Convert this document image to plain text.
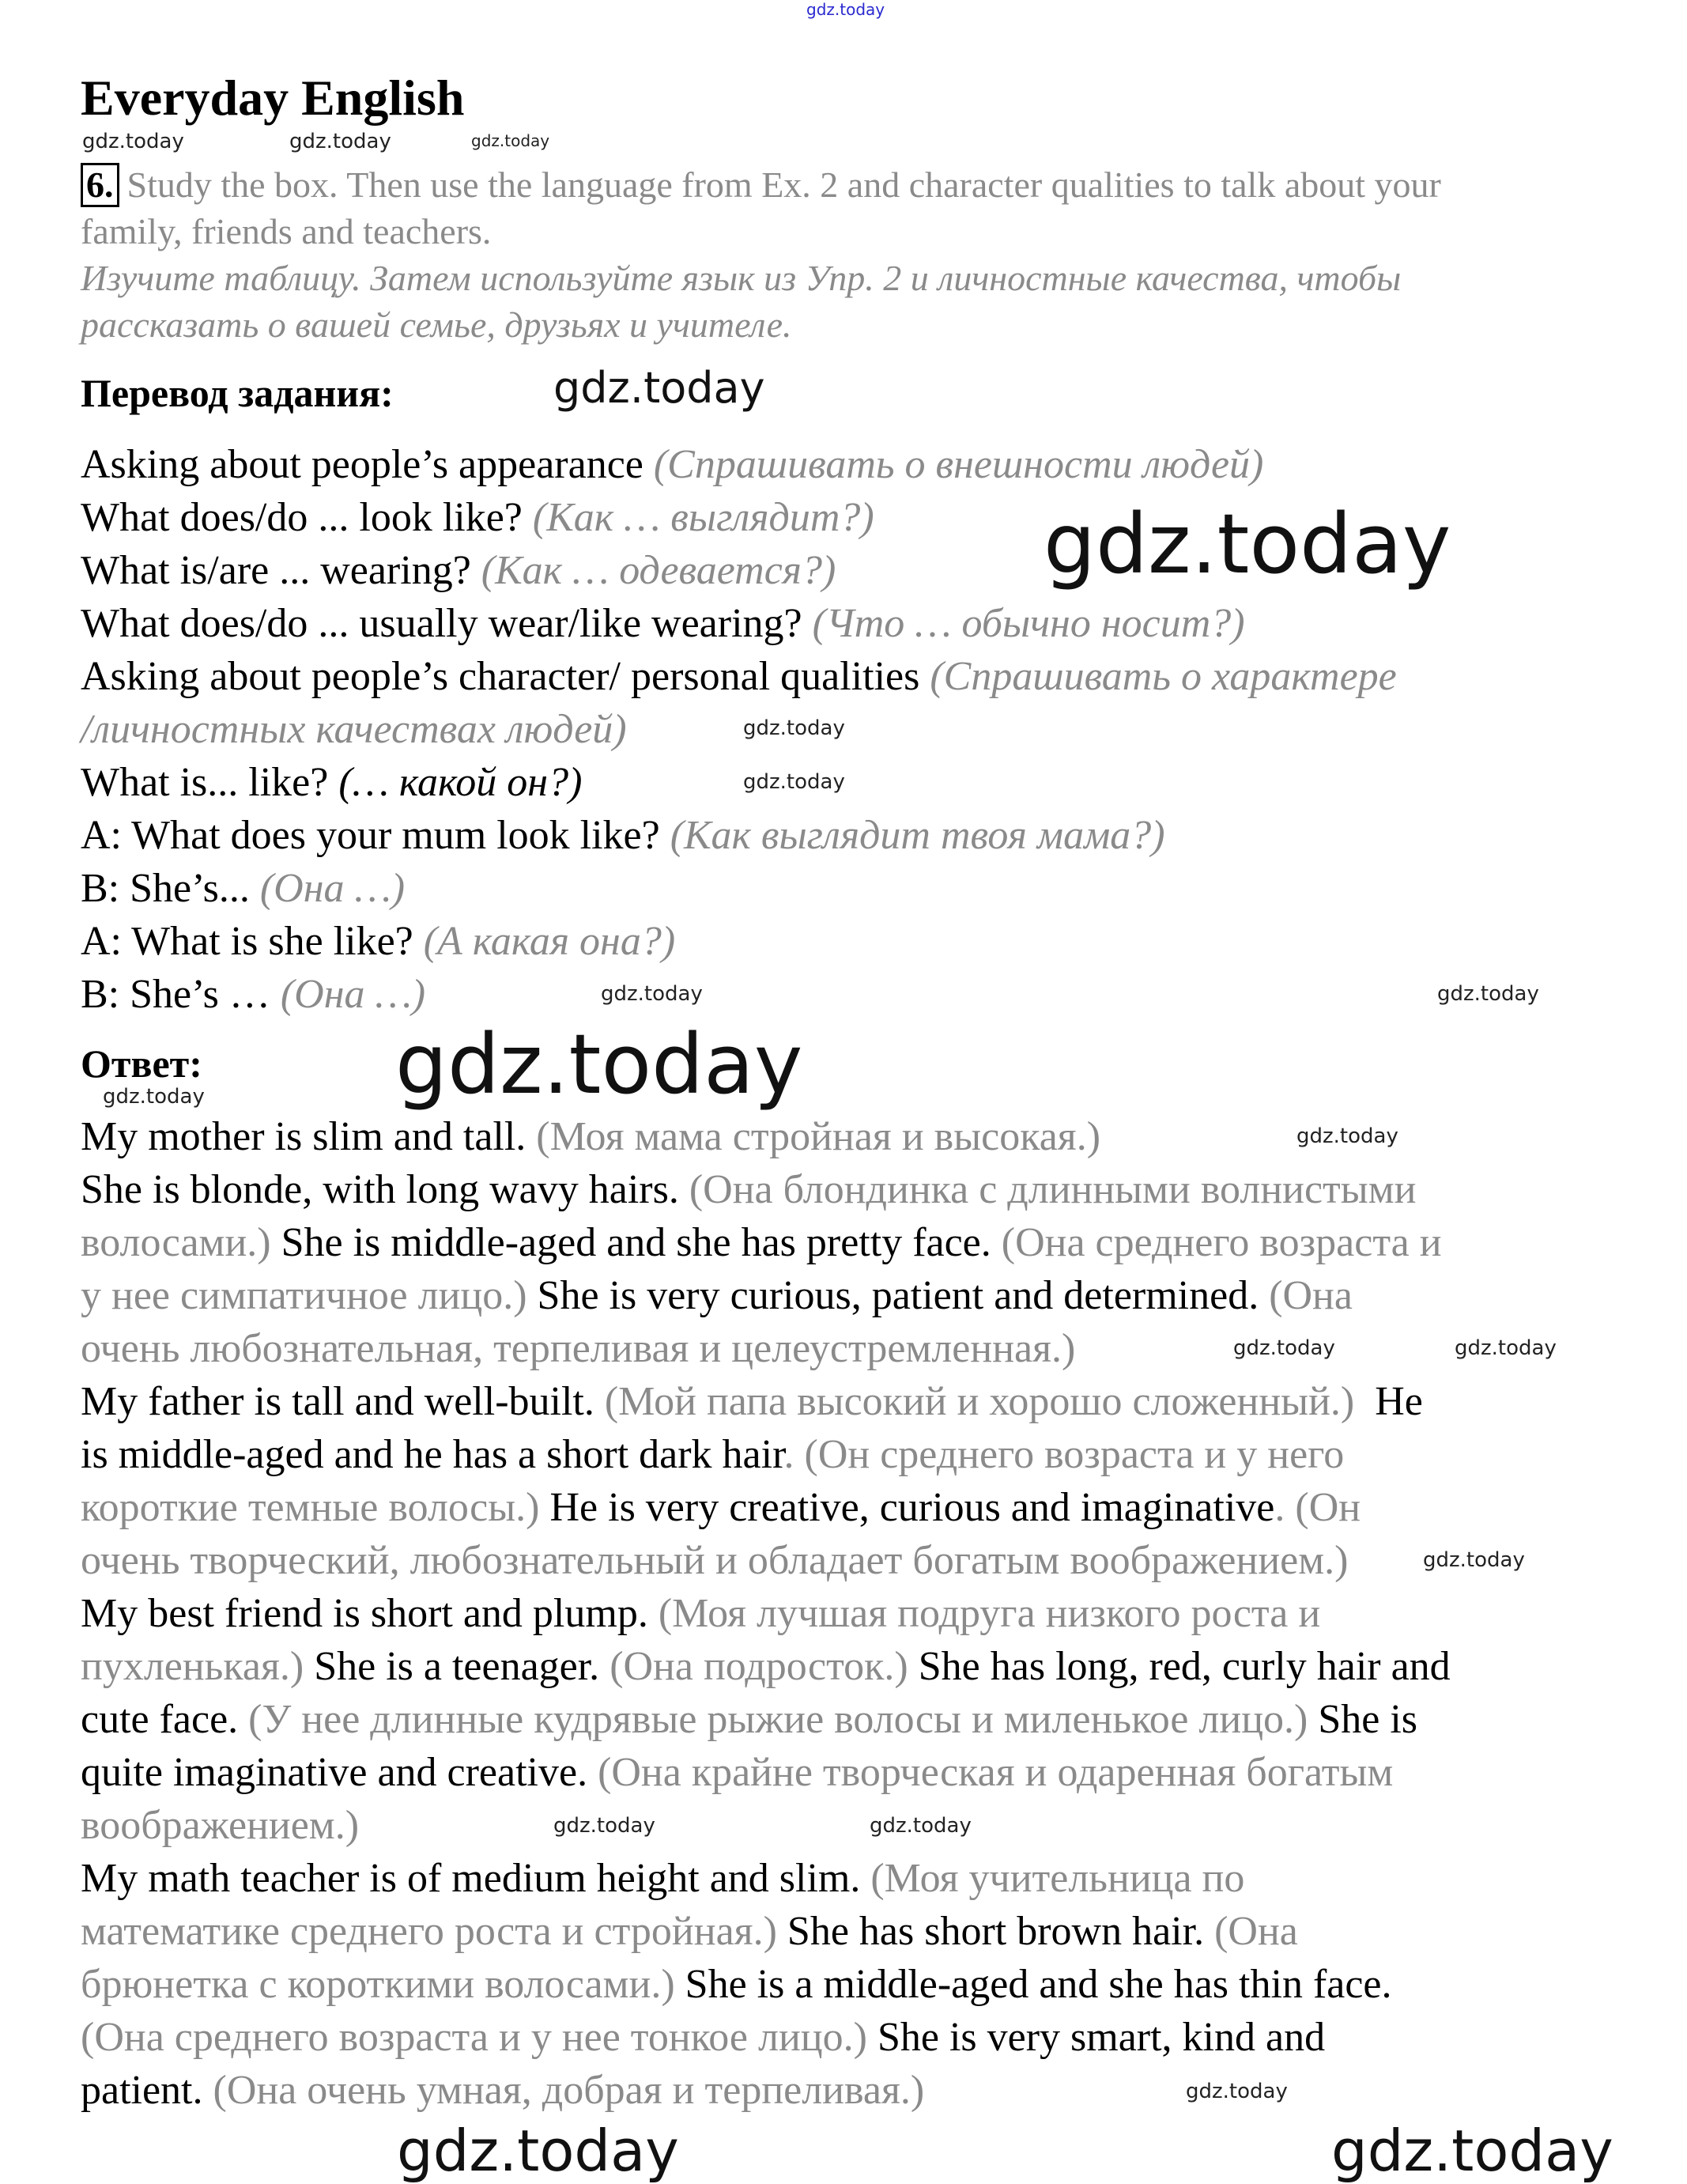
gdz.today
gdz.today	gdz.today	gdz.today
gdz.today
gdz.today
gdz.today
gdz.today
gdz.today	gdz.today
gdz.today
gdz.today
gdz.today
gdz.today	gdz.today
gdz.today
gdz.today	gdz.today
gdz.today	gdz.today
gdz.today
Everyday English
6. Study the box. Then use the language from Ex. 2 and character qualities to talk about your
family, friends and teachers.
Изучите таблицу. Затем используйте язык из Упр. 2 и личностные качества, чтобы
рассказать о вашей семье, друзьях и учителе.
Перевод задания:
Asking about people’s appearance (Спрашивать о внешности людей)
What does/do ... look like? (Как … выглядит?)
What is/are ... wearing? (Как … одевается?)
What does/do ... usually wear/like wearing? (Что … обычно носит?)
Asking about people’s character/ personal qualities (Спрашивать о характере
/личностных качествах людей)
What is... like? (… какой он?)
A: What does your mum look like? (Как выглядит твоя мама?)
B: She’s... (Она …)
A: What is she like? (А какая она?)
B: She’s … (Она …)
Ответ:
My mother is slim and tall. (Моя мама стройная и высокая.)
She is blonde, with long wavy hairs. (Она блондинка с длинными волнистыми
волосами.) She is middle-aged and she has pretty face. (Она среднего возраста и
у нее симпатичное лицо.) She is very curious, patient and determined. (Она
очень любознательная, терпеливая и целеустремленная.)
My father is tall and well-built. (Мой папа высокий и хорошо сложенный.)  He
is middle-aged and he has a short dark hair. (Он среднего возраста и у него
короткие темные волосы.) He is very creative, curious and imaginative. (Он
очень творческий, любознательный и обладает богатым воображением.)
My best friend is short and plump. (Моя лучшая подруга низкого роста и
пухленькая.) She is a teenager. (Она подросток.) She has long, red, curly hair and
cute face. (У нее длинные кудрявые рыжие волосы и миленькое лицо.) She is
quite imaginative and creative. (Она крайне творческая и одаренная богатым
воображением.)
My math teacher is of medium height and slim. (Моя учительница по
математике среднего роста и стройная.) She has short brown hair. (Она
брюнетка с короткими волосами.) She is a middle-aged and she has thin face.
(Она среднего возраста и у нее тонкое лицо.) She is very smart, kind and
patient. (Она очень умная, добрая и терпеливая.)
